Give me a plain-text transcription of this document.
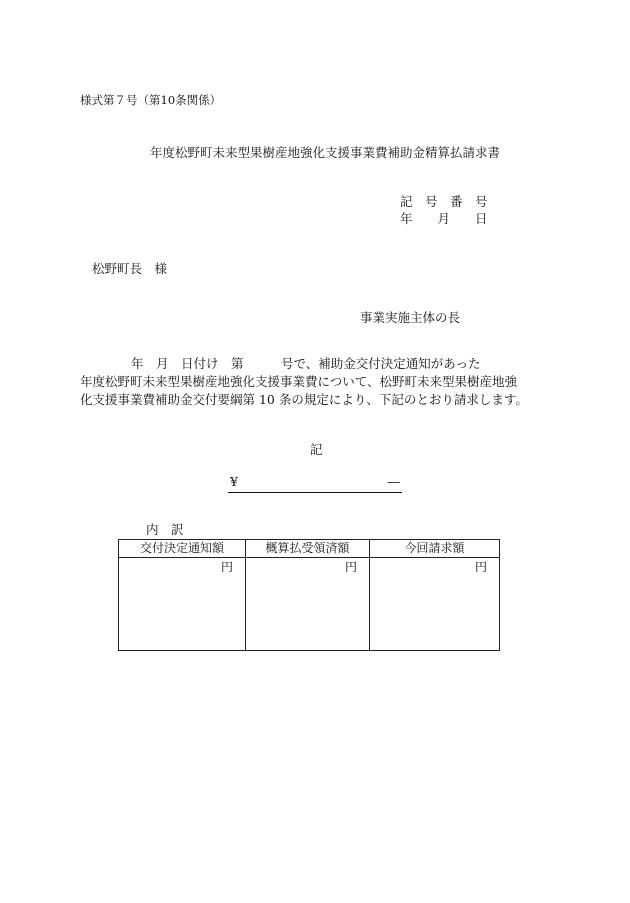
様式第７号（第10条関係）
年度松野町未来型果樹産地強化支援事業費補助金精算払請求書
記　号　番　号
年　　月　　日
松野町長　様
事業実施主体の長
年　月　日付け　第　　　号で、補助金交付決定通知があった
年度松野町未来型果樹産地強化支援事業費について、松野町未来型果樹産地強
化支援事業費補助金交付要綱第 10 条の規定により、下記のとおり請求します。
記
¥	―
内　訳
交付決定通知額	概算払受領済額	今回請求額
円	円	円
